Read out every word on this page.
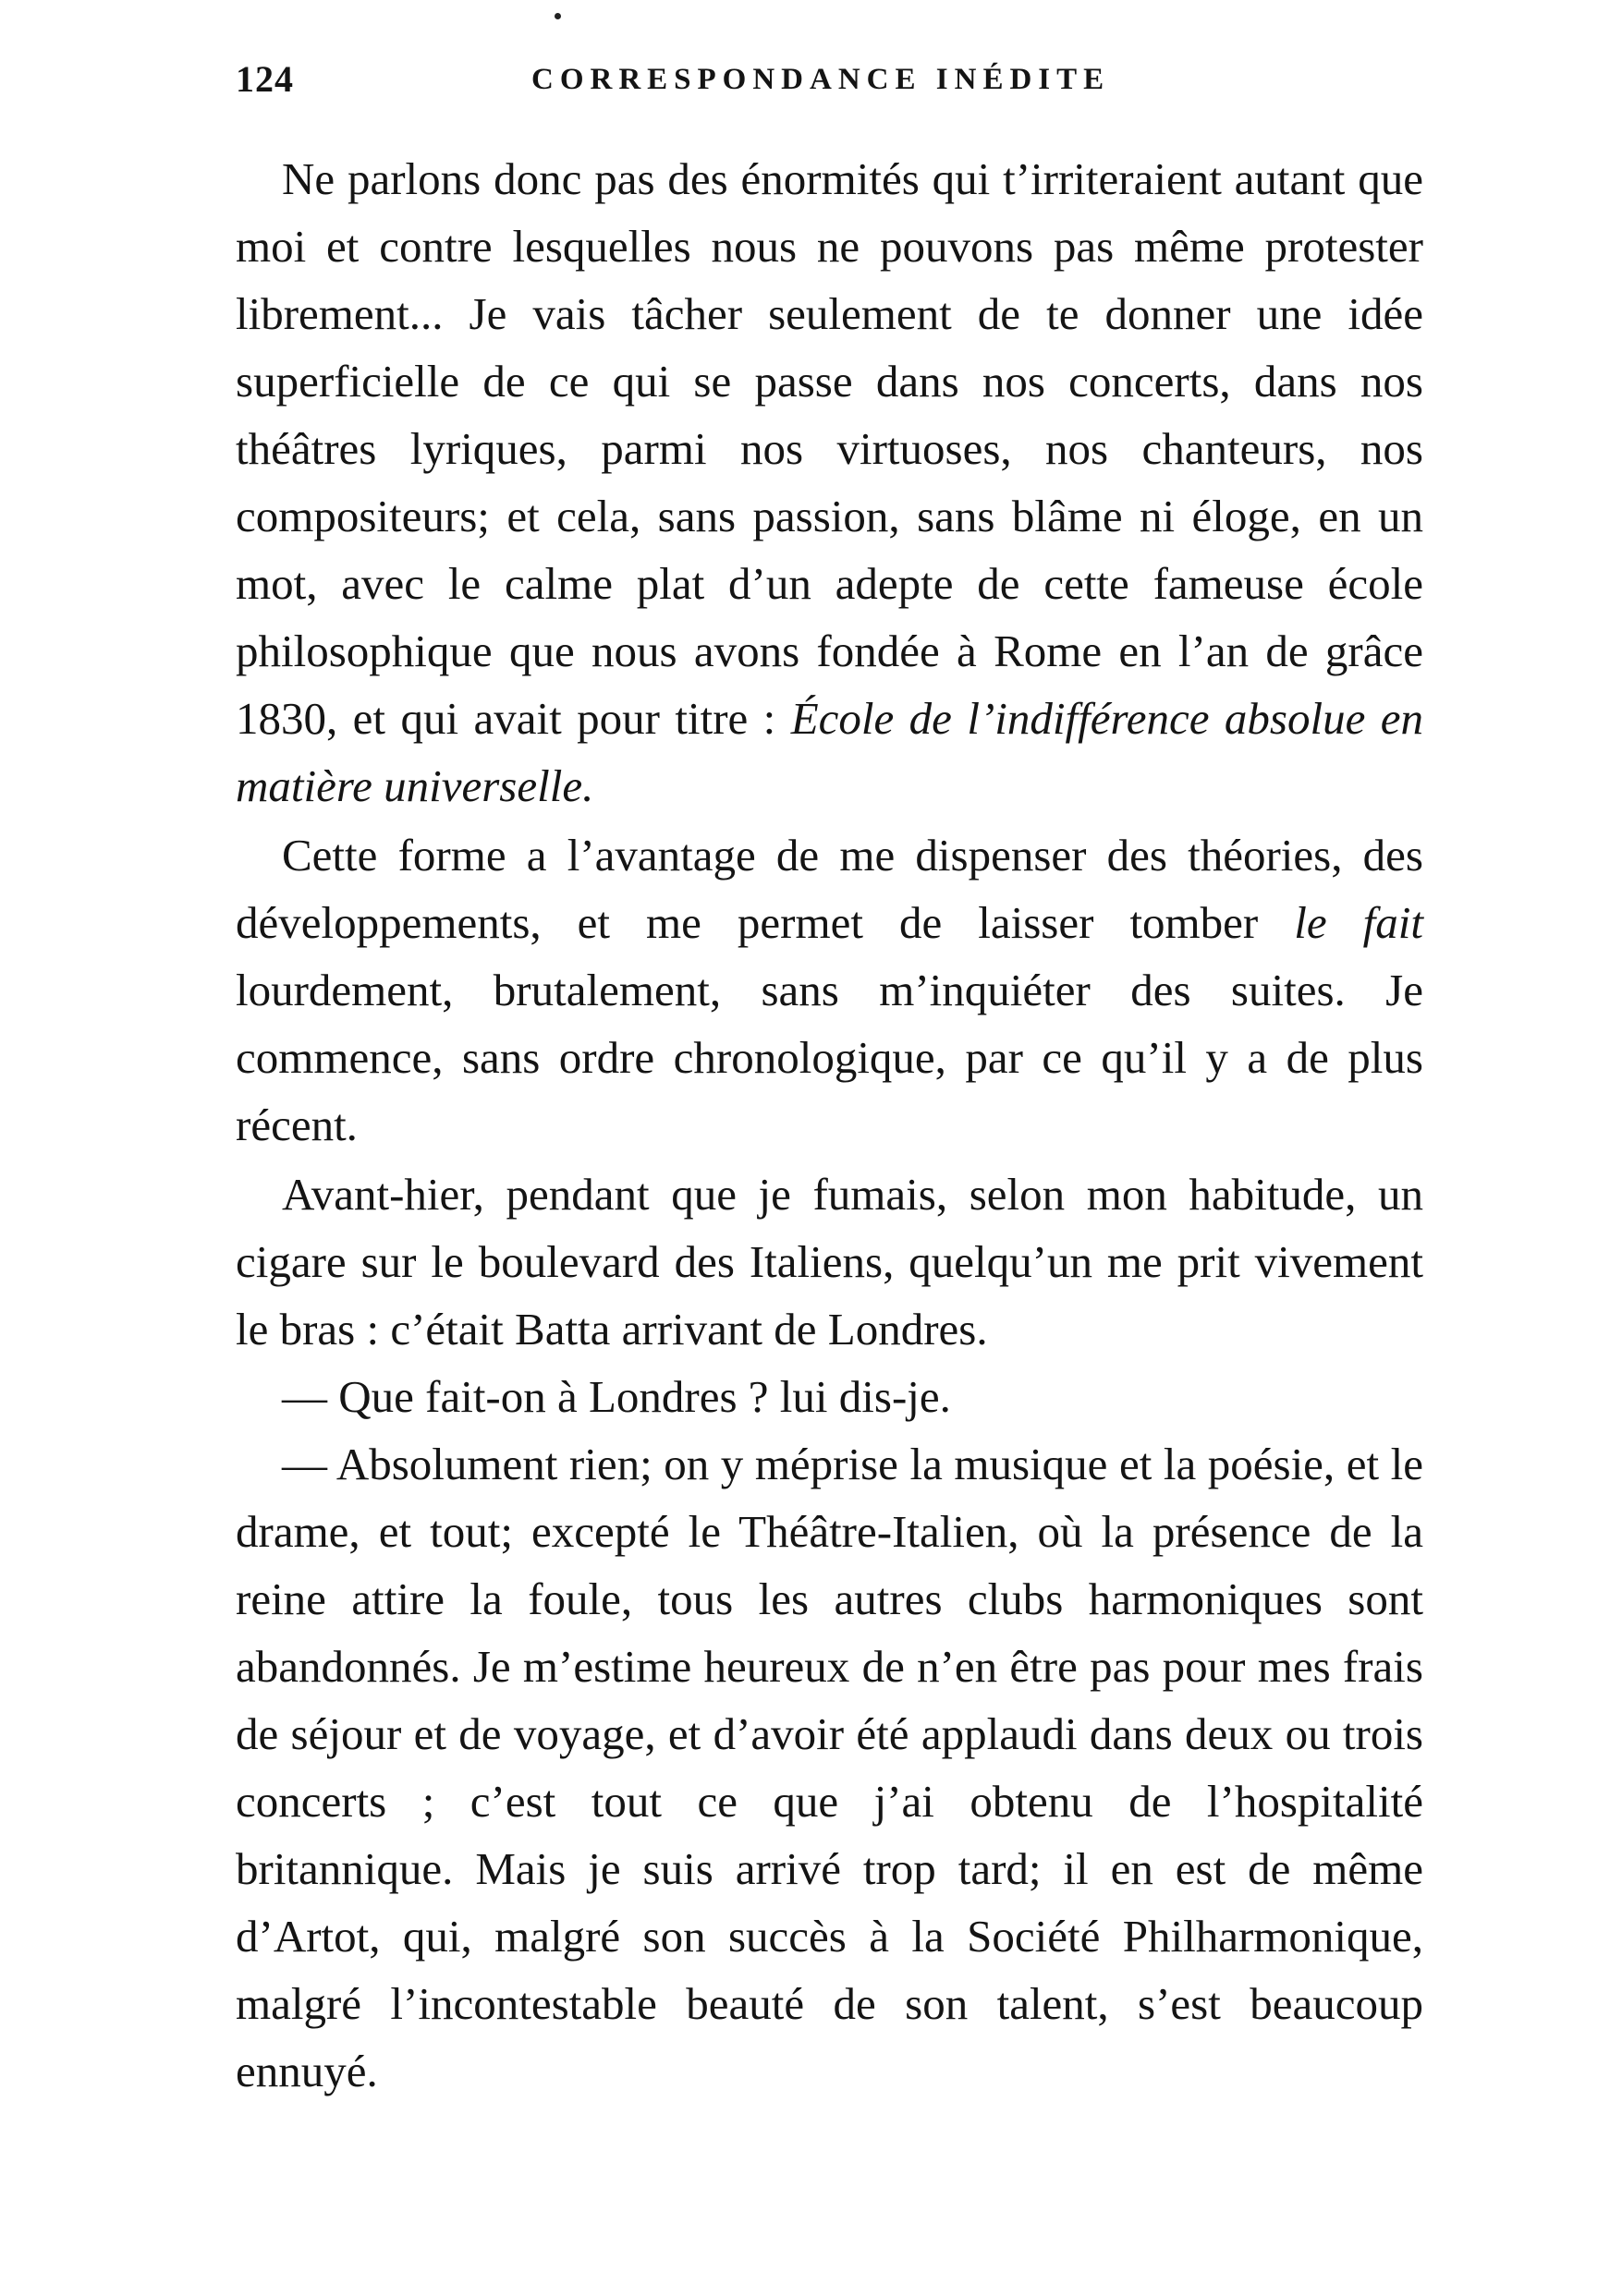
124	CORRESPONDANCE INÉDITE

Ne parlons donc pas des énormités qui t’irriteraient autant que moi et contre lesquelles nous ne pouvons pas même protester librement... Je vais tâcher seulement de te donner une idée superficielle de ce qui se passe dans nos concerts, dans nos théâtres lyriques, parmi nos virtuoses, nos chanteurs, nos compositeurs; et cela, sans passion, sans blâme ni éloge, en un mot, avec le calme plat d’un adepte de cette fameuse école philosophique que nous avons fondée à Rome en l’an de grâce 1830, et qui avait pour titre : École de l’indifférence absolue en matière universelle.

Cette forme a l’avantage de me dispenser des théories, des développements, et me permet de laisser tomber le fait lourdement, brutalement, sans m’inquiéter des suites. Je commence, sans ordre chronologique, par ce qu’il y a de plus récent.

Avant-hier, pendant que je fumais, selon mon habitude, un cigare sur le boulevard des Italiens, quelqu’un me prit vivement le bras : c’était Batta arrivant de Londres.

— Que fait-on à Londres ? lui dis-je.

— Absolument rien; on y méprise la musique et la poésie, et le drame, et tout; excepté le Théâtre-Italien, où la présence de la reine attire la foule, tous les autres clubs harmoniques sont abandonnés. Je m’estime heureux de n’en être pas pour mes frais de séjour et de voyage, et d’avoir été applaudi dans deux ou trois concerts ; c’est tout ce que j’ai obtenu de l’hospitalité britannique. Mais je suis arrivé trop tard; il en est de même d’Artot, qui, malgré son succès à la Société Philharmonique, malgré l’incontestable beauté de son talent, s’est beaucoup ennuyé.
